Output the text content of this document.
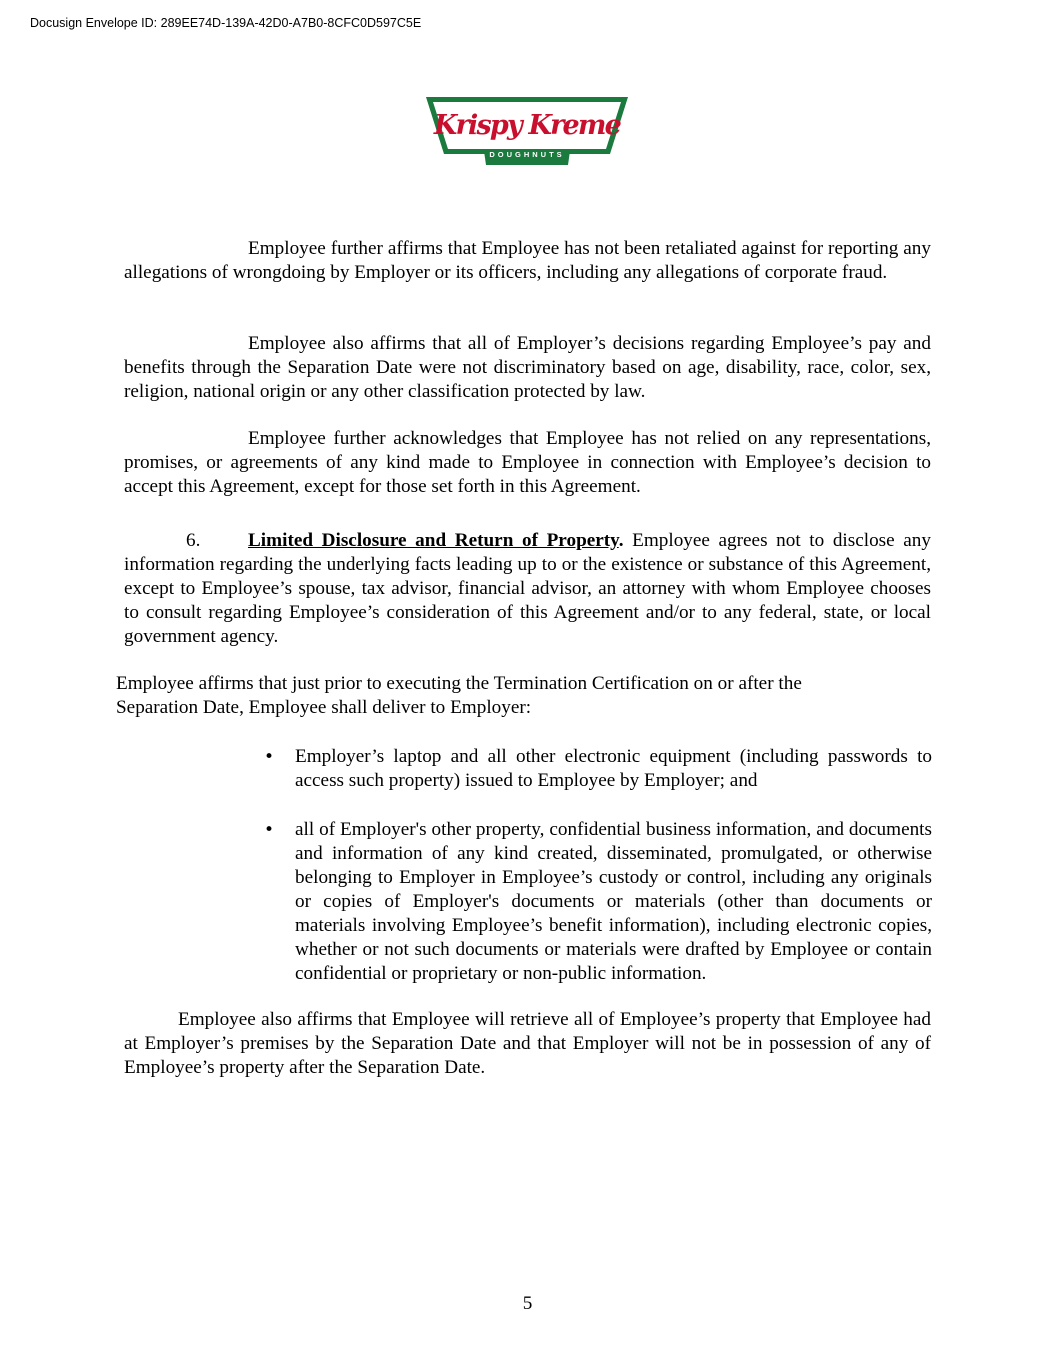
Docusign Envelope ID: 289EE74D-139A-42D0-A7B0-8CFC0D597C5E
Krispy Kreme
DOUGHNUTS

Employee further affirms that Employee has not been retaliated against for reporting any allegations of wrongdoing by Employer or its officers, including any allegations of corporate fraud.

Employee also affirms that all of Employer’s decisions regarding Employee’s pay and benefits through the Separation Date were not discriminatory based on age, disability, race, color, sex, religion, national origin or any other classification protected by law.

Employee further acknowledges that Employee has not relied on any representations, promises, or agreements of any kind made to Employee in connection with Employee’s decision to accept this Agreement, except for those set forth in this Agreement.

6. Limited Disclosure and Return of Property. Employee agrees not to disclose any information regarding the underlying facts leading up to or the existence or substance of this Agreement, except to Employee’s spouse, tax advisor, financial advisor, an attorney with whom Employee chooses to consult regarding Employee’s consideration of this Agreement and/or to any federal, state, or local government agency.

Employee affirms that just prior to executing the Termination Certification on or after the Separation Date, Employee shall deliver to Employer:

• Employer’s laptop and all other electronic equipment (including passwords to access such property) issued to Employee by Employer; and
• all of Employer's other property, confidential business information, and documents and information of any kind created, disseminated, promulgated, or otherwise belonging to Employer in Employee’s custody or control, including any originals or copies of Employer's documents or materials (other than documents or materials involving Employee’s benefit information), including electronic copies, whether or not such documents or materials were drafted by Employee or contain confidential or proprietary or non-public information.

Employee also affirms that Employee will retrieve all of Employee’s property that Employee had at Employer’s premises by the Separation Date and that Employer will not be in possession of any of Employee’s property after the Separation Date.

5
